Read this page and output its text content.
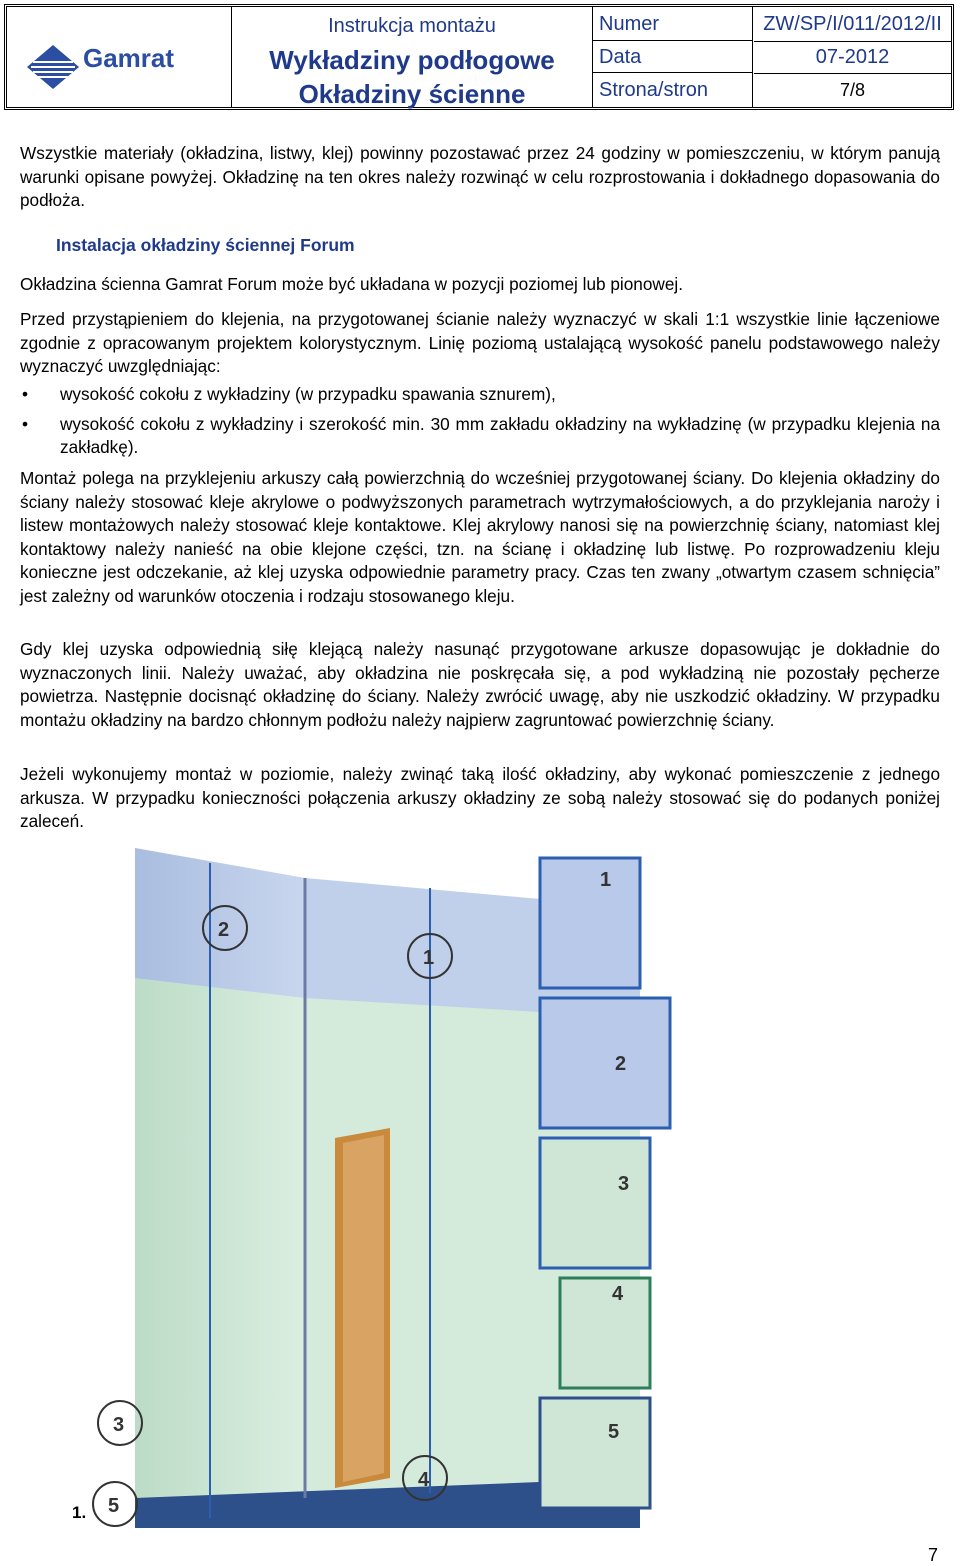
Gamrat
Instrukcja montażu
Wykładziny podłogowe
Okładziny ścienne
Numer	ZW/SP/I/011/2012/II
Data	07-2012
Strona/stron	7/8

Wszystkie materiały (okładzina, listwy, klej) powinny pozostawać przez 24 godziny w pomieszczeniu, w którym panują warunki opisane powyżej. Okładzinę na ten okres należy rozwinąć w celu rozprostowania i dokładnego dopasowania do podłoża.

Instalacja okładziny ściennej Forum

Okładzina ścienna Gamrat Forum może być układana w pozycji poziomej lub pionowej.

Przed przystąpieniem do klejenia, na przygotowanej ścianie należy wyznaczyć w skali 1:1 wszystkie linie łączeniowe zgodnie z opracowanym projektem kolorystycznym. Linię poziomą ustalającą wysokość panelu podstawowego należy wyznaczyć uwzględniając:

• wysokość cokołu z wykładziny (w przypadku spawania sznurem),
• wysokość cokołu z wykładziny i szerokość min. 30 mm zakładu okładziny na wykładzinę (w przypadku klejenia na zakładkę).

Montaż polega na przyklejeniu arkuszy całą powierzchnią do wcześniej przygotowanej ściany. Do klejenia okładziny do ściany należy stosować kleje akrylowe o podwyższonych parametrach wytrzymałościowych, a do przyklejania naroży i listew montażowych należy stosować kleje kontaktowe. Klej akrylowy nanosi się na powierzchnię ściany, natomiast klej kontaktowy należy nanieść na obie klejone części, tzn. na ścianę i okładzinę lub listwę. Po rozprowadzeniu kleju konieczne jest odczekanie, aż klej uzyska odpowiednie parametry pracy. Czas ten zwany „otwartym czasem schnięcia” jest zależny od warunków otoczenia i rodzaju stosowanego kleju.

Gdy klej uzyska odpowiednią siłę klejącą należy nasunąć przygotowane arkusze dopasowując je dokładnie do wyznaczonych linii. Należy uważać, aby okładzina nie poskręcała się, a pod wykładziną nie pozostały pęcherze powietrza. Następnie docisnąć okładzinę do ściany. Należy zwrócić uwagę, aby nie uszkodzić okładziny. W przypadku montażu okładziny na bardzo chłonnym podłożu należy najpierw zagruntować powierzchnię ściany.

Jeżeli wykonujemy montaż w poziomie, należy zwinąć taką ilość okładziny, aby wykonać pomieszczenie z jednego arkusza. W przypadku konieczności połączenia arkuszy okładziny ze sobą należy stosować się do podanych poniżej zaleceń.

2
1
3
4
5
1
2
3
4
5
1.
7
